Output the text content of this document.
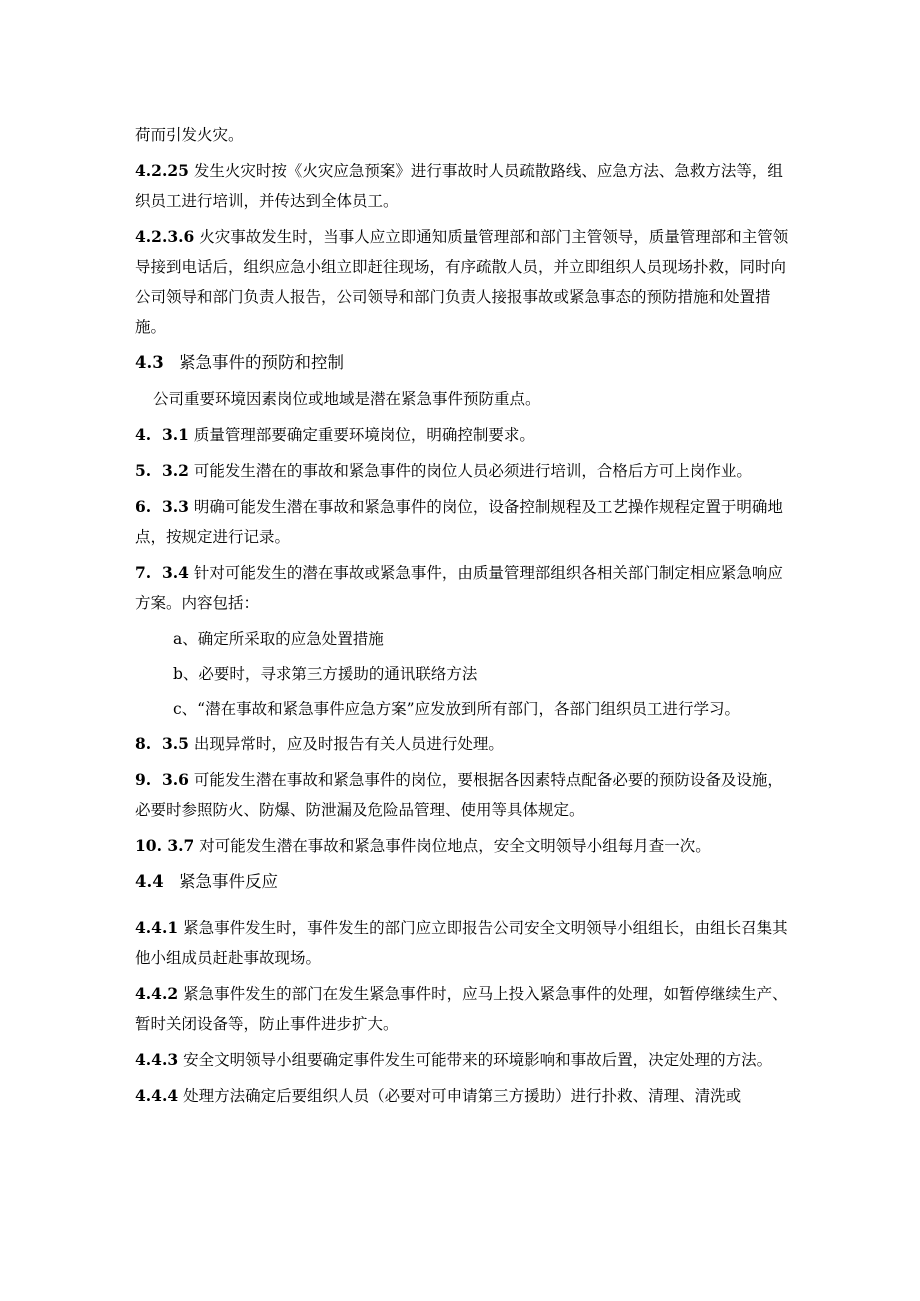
荷而引发火灾。

4.2.25 发生火灾时按《火灾应急预案》进行事故时人员疏散路线、应急方法、急救方法等，组织员工进行培训，并传达到全体员工。

4.2.3.6 火灾事故发生时，当事人应立即通知质量管理部和部门主管领导，质量管理部和主管领导接到电话后，组织应急小组立即赶往现场，有序疏散人员，并立即组织人员现场扑救，同时向公司领导和部门负责人报告，公司领导和部门负责人接报事故或紧急事态的预防措施和处置措施。

4.3 紧急事件的预防和控制

公司重要环境因素岗位或地域是潜在紧急事件预防重点。

4.  3.1 质量管理部要确定重要环境岗位，明确控制要求。

5.  3.2 可能发生潜在的事故和紧急事件的岗位人员必须进行培训，合格后方可上岗作业。

6.  3.3 明确可能发生潜在事故和紧急事件的岗位，设备控制规程及工艺操作规程定置于明确地点，按规定进行记录。

7.  3.4 针对可能发生的潜在事故或紧急事件，由质量管理部组织各相关部门制定相应紧急响应方案。内容包括：

a、确定所采取的应急处置措施

b、必要时，寻求第三方援助的通讯联络方法

c、“潜在事故和紧急事件应急方案”应发放到所有部门，各部门组织员工进行学习。

8.  3.5 出现异常时，应及时报告有关人员进行处理。

9.  3.6 可能发生潜在事故和紧急事件的岗位，要根据各因素特点配备必要的预防设备及设施，必要时参照防火、防爆、防泄漏及危险品管理、使用等具体规定。

10. 3.7 对可能发生潜在事故和紧急事件岗位地点，安全文明领导小组每月查一次。

4.4 紧急事件反应

4.4.1 紧急事件发生时，事件发生的部门应立即报告公司安全文明领导小组组长，由组长召集其他小组成员赶赴事故现场。

4.4.2 紧急事件发生的部门在发生紧急事件时，应马上投入紧急事件的处理，如暂停继续生产、暂时关闭设备等，防止事件进步扩大。

4.4.3 安全文明领导小组要确定事件发生可能带来的环境影响和事故后置，决定处理的方法。

4.4.4 处理方法确定后要组织人员（必要对可申请第三方援助）进行扑救、清理、清洗或
